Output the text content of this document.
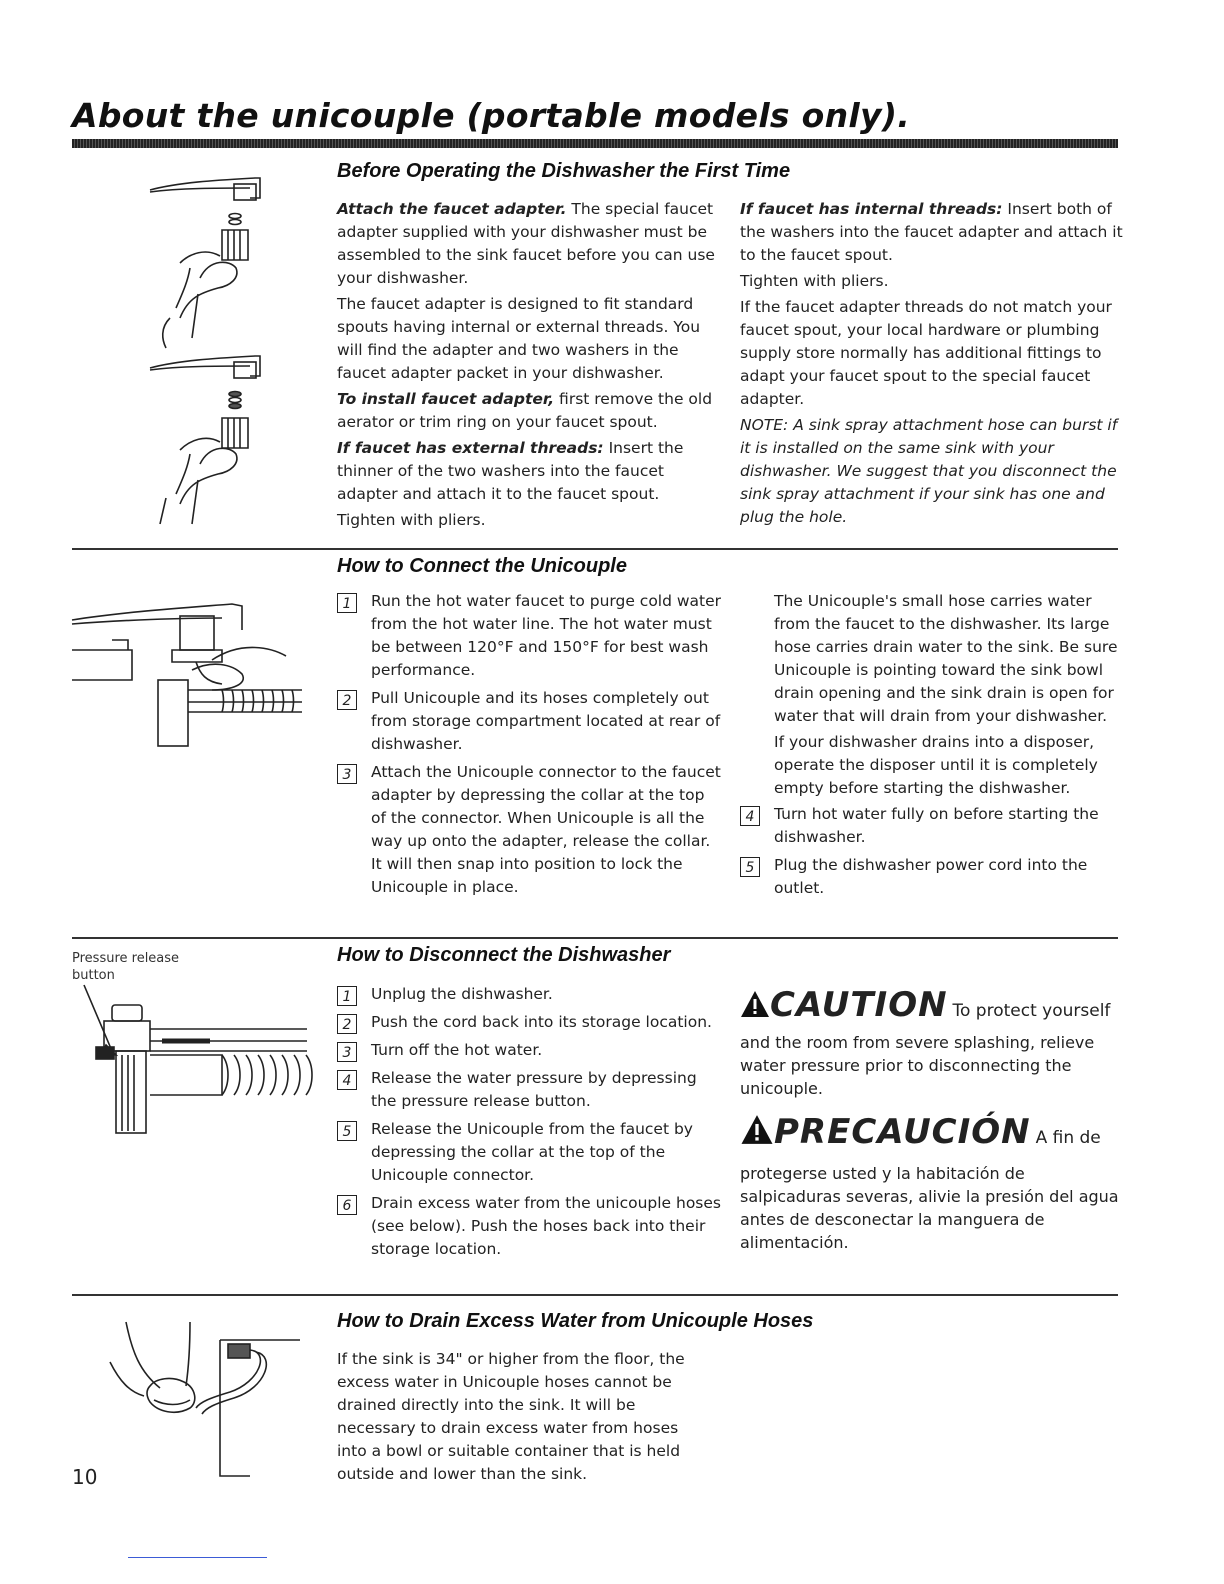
About the unicouple (portable models only).
Before Operating the Dishwasher the First Time

Attach the faucet adapter. The special faucet adapter supplied with your dishwasher must be assembled to the sink faucet before you can use your dishwasher.

The faucet adapter is designed to fit standard spouts having internal or external threads. You will find the adapter and two washers in the faucet adapter packet in your dishwasher.

To install faucet adapter, first remove the old aerator or trim ring on your faucet spout.

If faucet has external threads: Insert the thinner of the two washers into the faucet adapter and attach it to the faucet spout.

Tighten with pliers.

If faucet has internal threads: Insert both of the washers into the faucet adapter and attach it to the faucet spout.

Tighten with pliers.

If the faucet adapter threads do not match your faucet spout, your local hardware or plumbing supply store normally has additional fittings to adapt your faucet spout to the special faucet adapter.

NOTE: A sink spray attachment hose can burst if it is installed on the same sink with your dishwasher. We suggest that you disconnect the sink spray attachment if your sink has one and plug the hole.

How to Connect the Unicouple
1	Run the hot water faucet to purge cold water from the hot water line. The hot water must be between 120°F and 150°F for best wash performance.
2	Pull Unicouple and its hoses completely out from storage compartment located at rear of dishwasher.
3	Attach the Unicouple connector to the faucet adapter by depressing the collar at the top of the connector. When Unicouple is all the way up onto the adapter, release the collar. It will then snap into position to lock the Unicouple in place.

The Unicouple's small hose carries water from the faucet to the dishwasher. Its large hose carries drain water to the sink. Be sure Unicouple is pointing toward the sink bowl drain opening and the sink drain is open for water that will drain from your dishwasher.

If your dishwasher drains into a disposer, operate the disposer until it is completely empty before starting the dishwasher.

4	Turn hot water fully on before starting the dishwasher.
5	Plug the dishwasher power cord into the outlet.
Pressure release button
How to Disconnect the Dishwasher
1	Unplug the dishwasher.
2	Push the cord back into its storage location.
3	Turn off the hot water.
4	Release the water pressure by depressing the pressure release button.
5	Release the Unicouple from the faucet by depressing the collar at the top of the Unicouple connector.
6	Drain excess water from the unicouple hoses (see below). Push the hoses back into their storage location.
CAUTION To protect yourself

and the room from severe splashing, relieve water pressure prior to disconnecting the unicouple.

PRECAUCIÓN A fin de

protegerse usted y la habitación de salpicaduras severas, alivie la presión del agua antes de desconectar la manguera de alimentación.

How to Drain Excess Water from Unicouple Hoses
If the sink is 34" or higher from the floor, the excess water in Unicouple hoses cannot be drained directly into the sink. It will be necessary to drain excess water from hoses into a bowl or suitable container that is held outside and lower than the sink.
10
